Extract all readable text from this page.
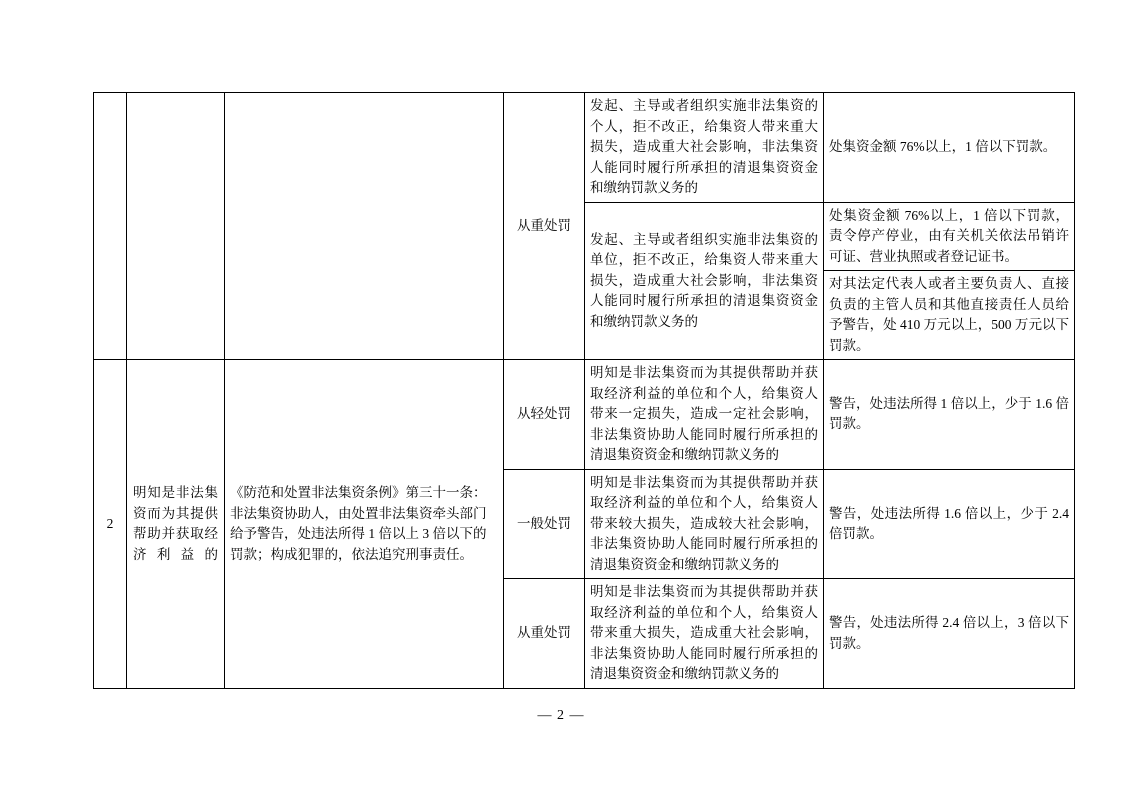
			从重处罚	发起、主导或者组织实施非法集资的个人，拒不改正，给集资人带来重大损失，造成重大社会影响，非法集资人能同时履行所承担的清退集资资金和缴纳罚款义务的	处集资金额 76%以上，1 倍以下罚款。
				发起、主导或者组织实施非法集资的单位，拒不改正，给集资人带来重大损失，造成重大社会影响，非法集资人能同时履行所承担的清退集资资金和缴纳罚款义务的	处集资金额 76%以上，1 倍以下罚款，责令停产停业，由有关机关依法吊销许可证、营业执照或者登记证书。
					对其法定代表人或者主要负责人、直接负责的主管人员和其他直接责任人员给予警告，处 410 万元以上，500 万元以下罚款。
2	明知是非法集资而为其提供帮助并获取经济利益的	《防范和处置非法集资条例》第三十一条：非法集资协助人，由处置非法集资牵头部门给予警告，处违法所得 1 倍以上 3 倍以下的罚款；构成犯罪的，依法追究刑事责任。	从轻处罚	明知是非法集资而为其提供帮助并获取经济利益的单位和个人，给集资人带来一定损失，造成一定社会影响，非法集资协助人能同时履行所承担的清退集资资金和缴纳罚款义务的	警告，处违法所得 1 倍以上，少于 1.6 倍罚款。
			一般处罚	明知是非法集资而为其提供帮助并获取经济利益的单位和个人，给集资人带来较大损失，造成较大社会影响，非法集资协助人能同时履行所承担的清退集资资金和缴纳罚款义务的	警告，处违法所得 1.6 倍以上，少于 2.4 倍罚款。
			从重处罚	明知是非法集资而为其提供帮助并获取经济利益的单位和个人，给集资人带来重大损失，造成重大社会影响，非法集资协助人能同时履行所承担的清退集资资金和缴纳罚款义务的	警告，处违法所得 2.4 倍以上，3 倍以下罚款。
— 2 —
